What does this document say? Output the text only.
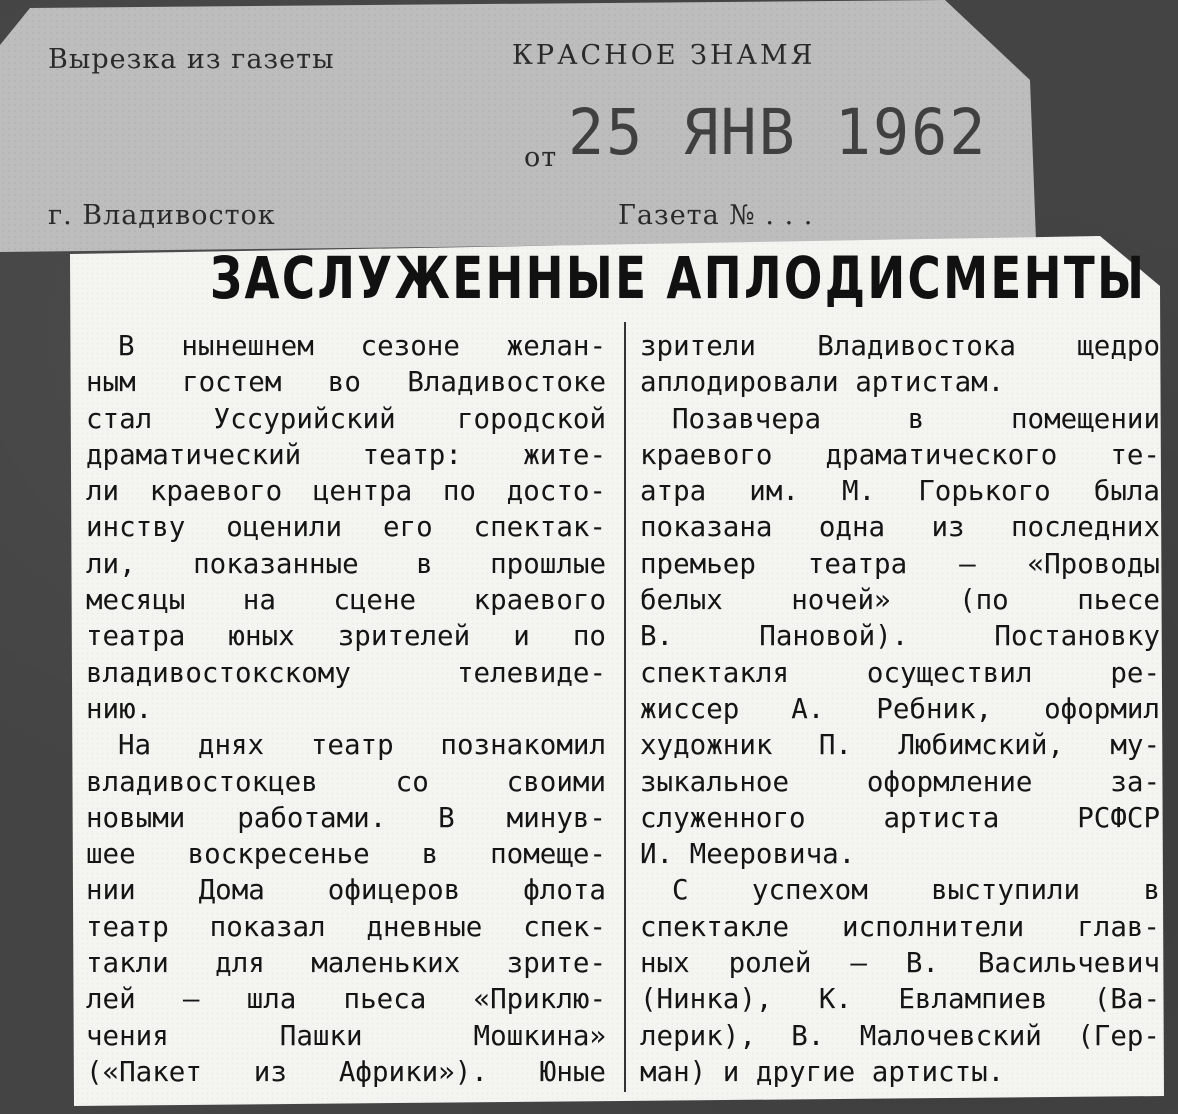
Вырезка из газеты	КРАСНОЕ ЗНАМЯ
от 25 ЯНВ 1962
г. Владивосток	Газета № . . .
ЗАСЛУЖЕННЫЕ АПЛОДИСМЕНТЫ
В нынешнем сезоне желан-
ным гостем во Владивостоке
стал Уссурийский городской
драматический театр: жите-
ли краевого центра по досто-
инству оценили его спектак-
ли, показанные в прошлые
месяцы на сцене краевого
театра юных зрителей и по
владивостокскому телевиде-
нию.
На днях театр познакомил
владивостокцев со своими
новыми работами. В минув-
шее воскресенье в помеще-
нии Дома офицеров флота
театр показал дневные спек-
такли для маленьких зрите-
лей — шла пьеса «Приклю-
чения Пашки Мошкина»
(«Пакет из Африки»). Юные
зрители Владивостока щедро
аплодировали артистам.
Позавчера в помещении
краевого драматического те-
атра им. М. Горького была
показана одна из последних
премьер театра — «Проводы
белых ночей» (по пьесе
В. Пановой). Постановку
спектакля осуществил ре-
жиссер А. Ребник, оформил
художник П. Любимский, му-
зыкальное оформление за-
служенного артиста РСФСР
И. Мееровича.
С успехом выступили в
спектакле исполнители глав-
ных ролей — В. Васильчевич
(Нинка), К. Евлампиев (Ва-
лерик), В. Малочевский (Гер-
ман) и другие артисты.
